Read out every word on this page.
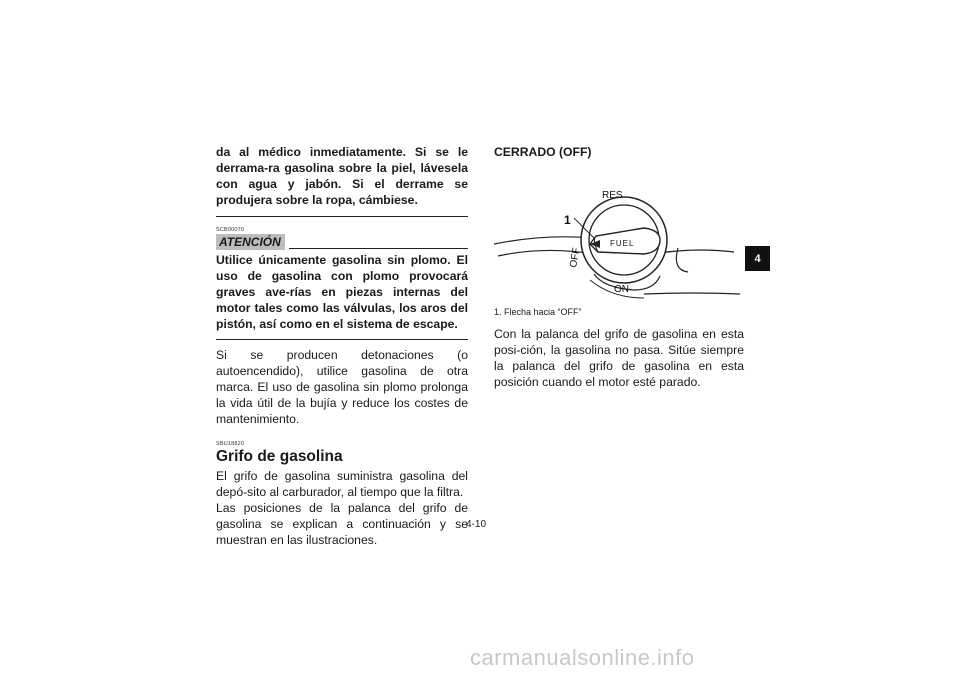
da al médico inmediatamente. Si se le derrama-ra gasolina sobre la piel, lávesela con agua y jabón. Si el derrame se produjera sobre la ropa, cámbiese.

SCB00070
ATENCIÓN

Utilice únicamente gasolina sin plomo. El uso de gasolina con plomo provocará graves ave-rías en piezas internas del motor tales como las válvulas, los aros del pistón, así como en el sistema de escape.

Si se producen detonaciones (o autoencendido), utilice gasolina de otra marca. El uso de gasolina sin plomo prolonga la vida útil de la bujía y reduce los costes de mantenimiento.

SBU18820
Grifo de gasolina

El grifo de gasolina suministra gasolina del depó-sito al carburador, al tiempo que la filtra.

Las posiciones de la palanca del grifo de gasolina se explican a continuación y se muestran en las ilustraciones.

CERRADO (OFF)
1
RES
OFF
ON
FUEL
1. Flecha hacia “OFF”

Con la palanca del grifo de gasolina en esta posi-ción, la gasolina no pasa. Sitúe siempre la palanca del grifo de gasolina en esta posición cuando el motor esté parado.

4
4-10
carmanualsonline.info
